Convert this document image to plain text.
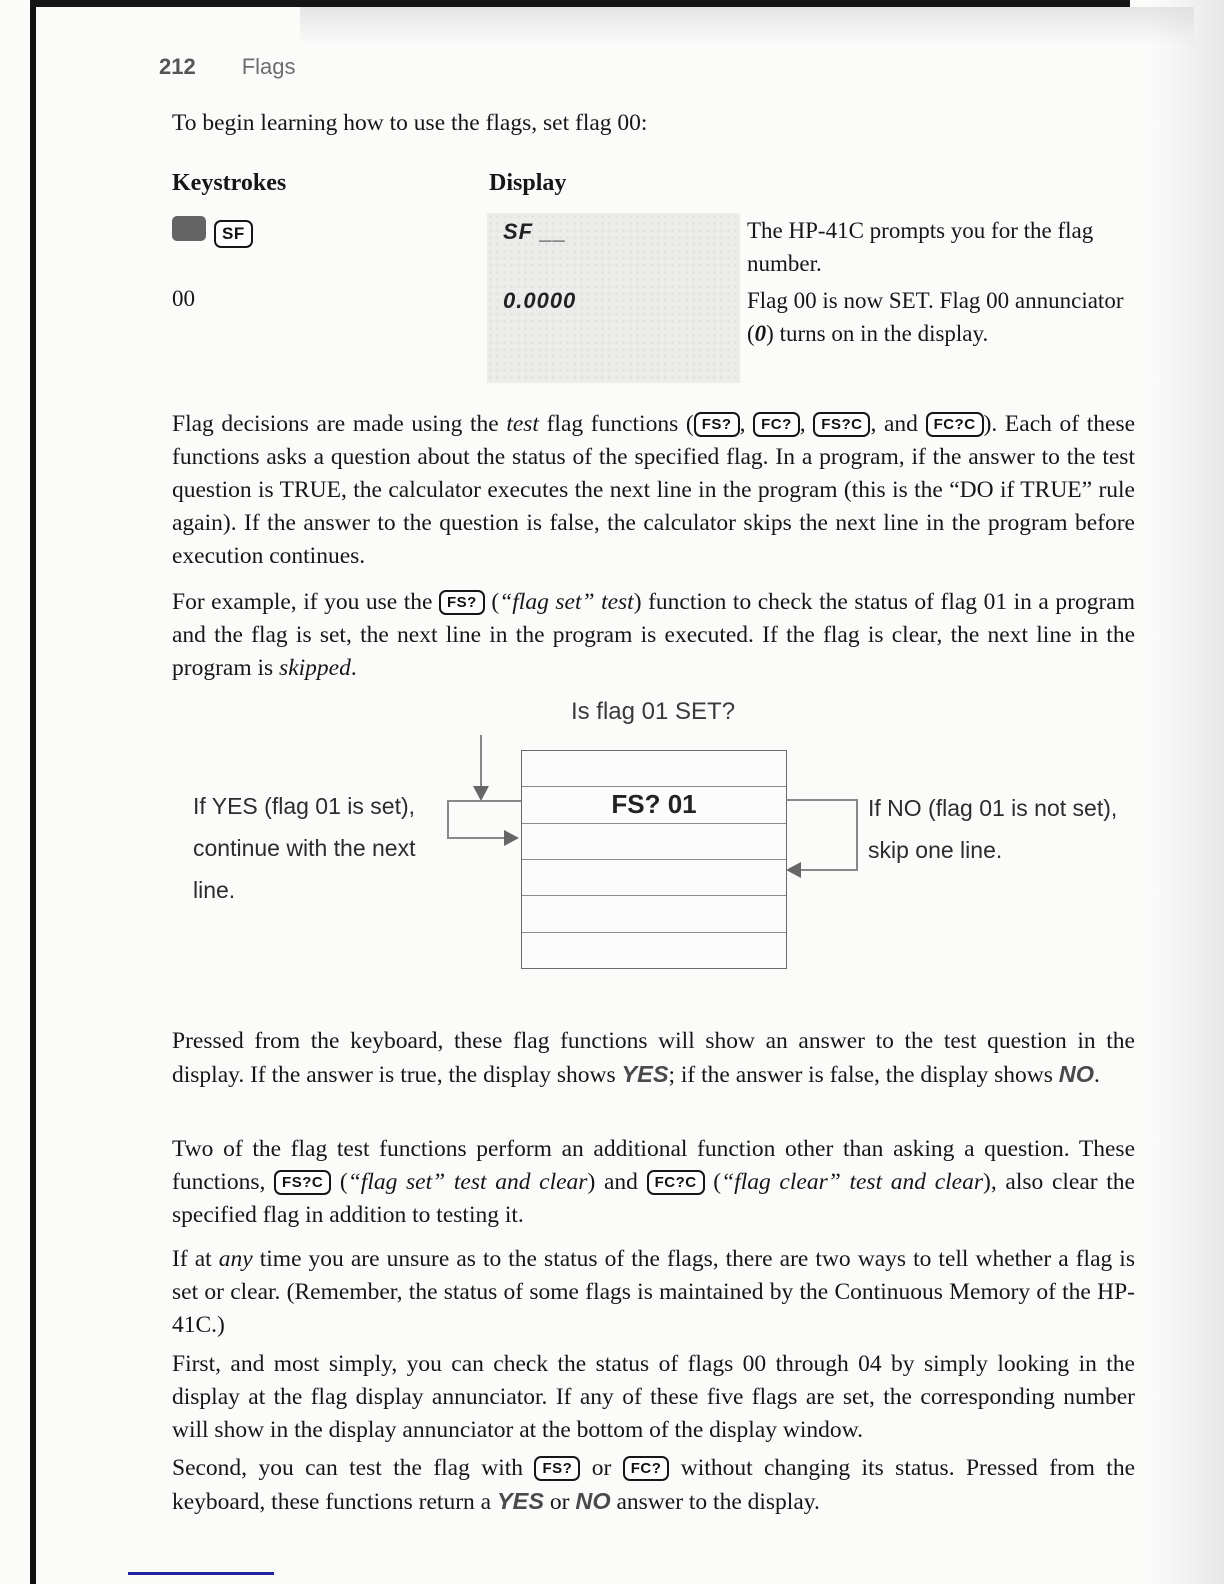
212 Flags
To begin learning how to use the flags, set flag 00:
Keystrokes	Display
SF	SF __	The HP-41C prompts you for the flag number.
00	0.0000	Flag 00 is now SET. Flag 00 annunciator (0) turns on in the display.
Flag decisions are made using the test flag functions ( FS? , FC? , FS?C , and FC?C ). Each of these functions asks a question about the status of the specified flag. In a program, if the answer to the test question is TRUE, the calculator executes the next line in the program (this is the “DO if TRUE” rule again). If the answer to the question is false, the calculator skips the next line in the program before execution continues.
For example, if you use the FS? (“flag set” test) function to check the status of flag 01 in a program and the flag is set, the next line in the program is executed. If the flag is clear, the next line in the program is skipped.
Is flag 01 SET?
FS? 01
If YES (flag 01 is set),
continue with the next
line.
If NO (flag 01 is not set),
skip one line.
Pressed from the keyboard, these flag functions will show an answer to the test question in the display. If the answer is true, the display shows YES; if the answer is false, the display shows NO.
Two of the flag test functions perform an additional function other than asking a question. These functions, FS?C (“flag set” test and clear) and FC?C (“flag clear” test and clear), also clear the specified flag in addition to testing it.
If at any time you are unsure as to the status of the flags, there are two ways to tell whether a flag is set or clear. (Remember, the status of some flags is maintained by the Continuous Memory of the HP-41C.)
First, and most simply, you can check the status of flags 00 through 04 by simply looking in the display at the flag display annunciator. If any of these five flags are set, the corresponding number will show in the display annunciator at the bottom of the display window.
Second, you can test the flag with FS? or FC? without changing its status. Pressed from the keyboard, these functions return a YES or NO answer to the display.
